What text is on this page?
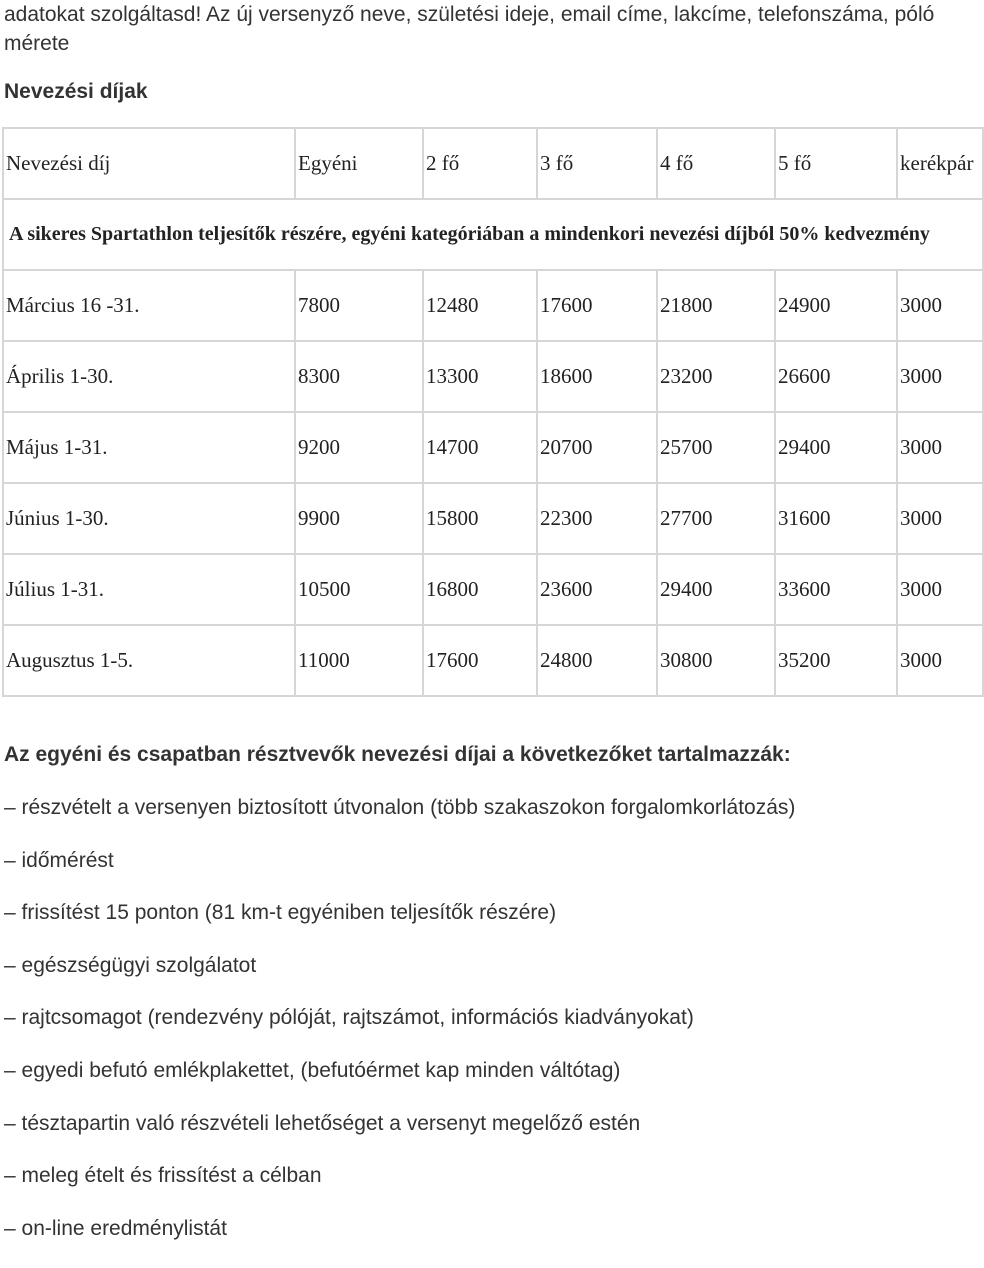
adatokat szolgáltasd! Az új versenyző neve, születési ideje, email címe, lakcíme, telefonszáma, póló mérete

Nevezési díjak
Nevezési díj	Egyéni	2 fő	3 fő	4 fő	5 fő	kerékpár
A sikeres Spartathlon teljesítők részére, egyéni kategóriában a mindenkori nevezési díjból 50% kedvezmény						
Március 16 -31.	7800	12480	17600	21800	24900	3000
Április 1-30.	8300	13300	18600	23200	26600	3000
Május 1-31.	9200	14700	20700	25700	29400	3000
Június 1-30.	9900	15800	22300	27700	31600	3000
Július 1-31.	10500	16800	23600	29400	33600	3000
Augusztus 1-5.	11000	17600	24800	30800	35200	3000
Az egyéni és csapatban résztvevők nevezési díjai a következőket tartalmazzák:
– részvételt a versenyen biztosított útvonalon (több szakaszokon forgalomkorlátozás)
– időmérést
– frissítést 15 ponton (81 km-t egyéniben teljesítők részére)
– egészségügyi szolgálatot
– rajtcsomagot (rendezvény pólóját, rajtszámot, információs kiadványokat)
– egyedi befutó emlékplakettet, (befutóérmet kap minden váltótag)
– tésztapartin való részvételi lehetőséget a versenyt megelőző estén
– meleg ételt és frissítést a célban
– on-line eredménylistát
